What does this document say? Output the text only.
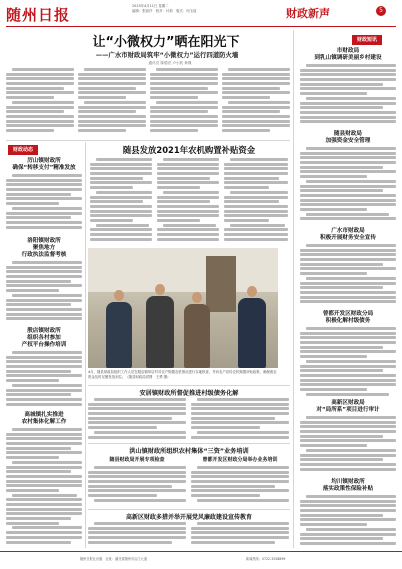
随州日报	2023年4月11日 星期二
编辑：张丽莎　校对：付莉　版式：何玉瑶	财政新声	5
让“小微权力”晒在阳光下
——广水市财政局筑牢“小微权力”运行四道防火墙
通讯员 陈德亮 卢小波 黄瑾
财政短讯
市财政局
到乳山镇调研美丽乡村建设
随县财政局
加强资金安全管理
广水市财政局
积极开展财务安全宣传
曾都开发区财政分局
积极化解村级债务
高新区财政局
对“局所系”项目进行审计
均川镇财政所
落实政策性保险补贴
财政动态
厉山镇财政所
确保“转移支付”精准发放
洛阳镇财政所
聚焦地方
行政执法监督考核
殷店镇财政所
组织各村参加
产权平台操作培训
高城镇扎实推进
农村集体化解工作
随县发放2021年农机购置补贴资金
4月，随县财政局组织工作人员在殷店镇草店村对农户购置农机情况进行实地核查，并向农户宣传农机购置补贴政策，确保惠农资金及时足额发放到位。（随县财政局供图　王勇 摄）
安居镇财政所督促推进村级债务化解
洪山镇财政所组织农村集体“三资”业务培训
随县财政局开展专项检查	曾都开发区财政分局举办业务培训
高新区财政多措并举开展党风廉政建设宣传教育
随州日报社出版　社址：湖北省随州市沿江大道	新闻热线：0722-3258899
